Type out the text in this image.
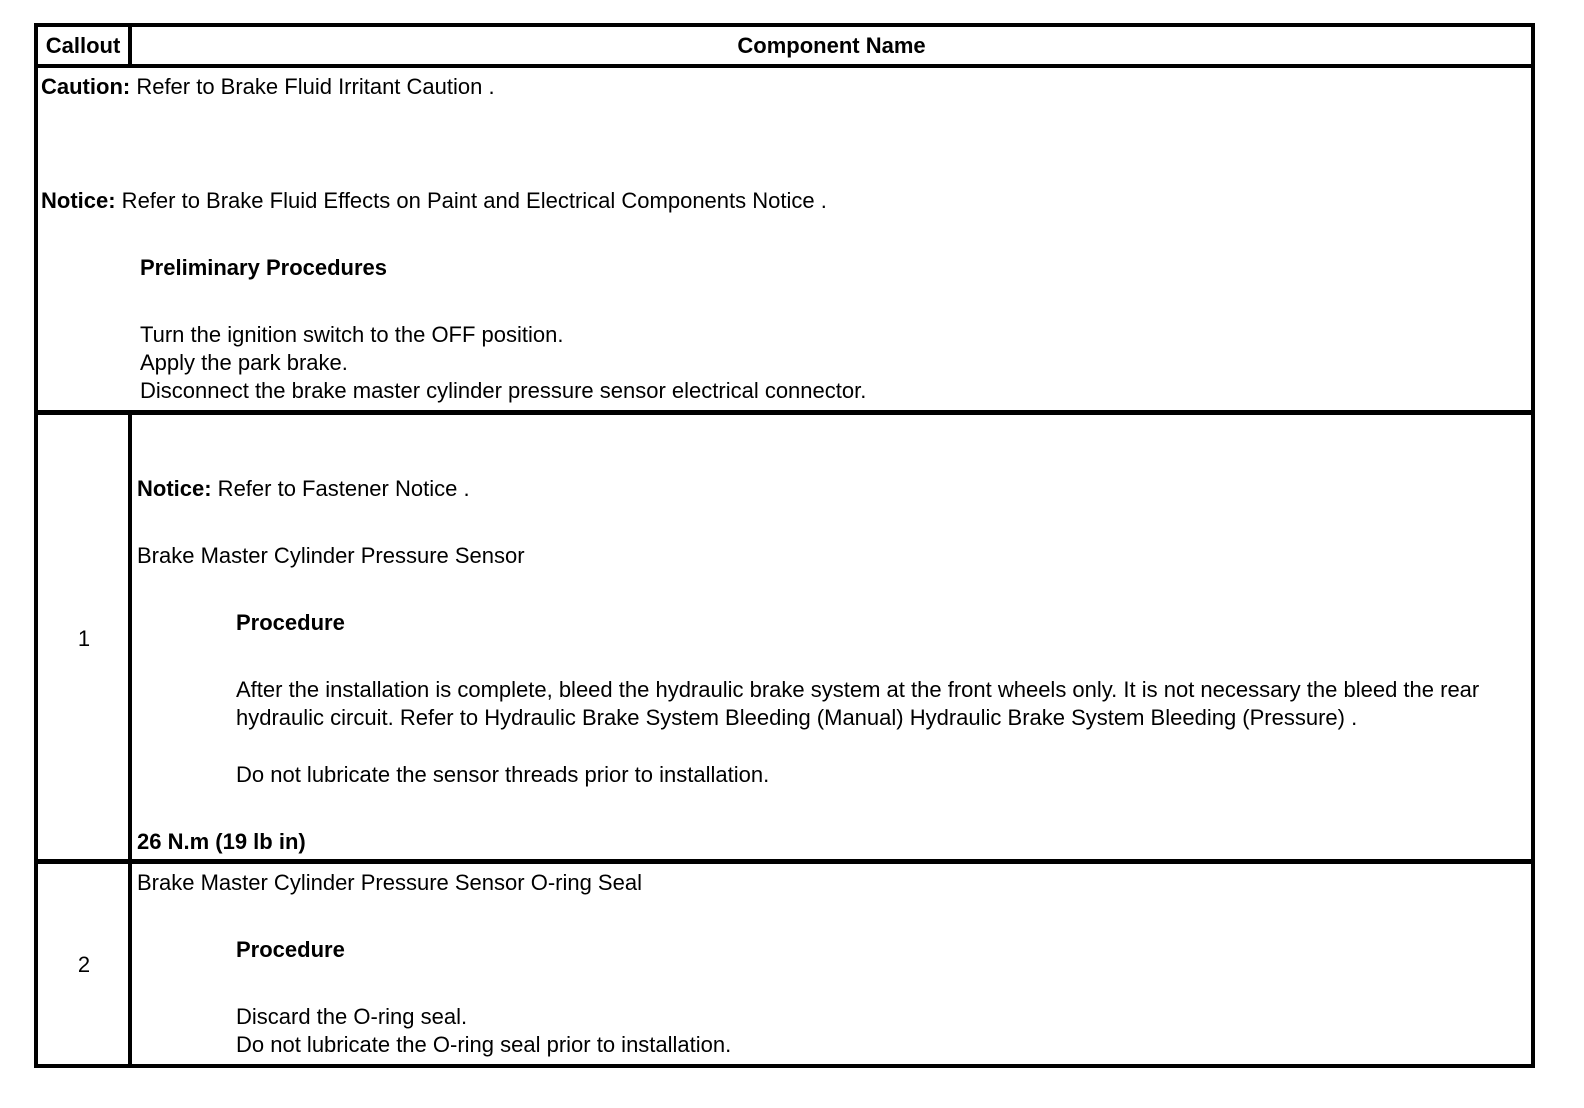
Callout	Component Name

Caution: Refer to Brake Fluid Irritant Caution .

Notice: Refer to Brake Fluid Effects on Paint and Electrical Components Notice .

Preliminary Procedures

Turn the ignition switch to the OFF position.

Apply the park brake.

Disconnect the brake master cylinder pressure sensor electrical connector.

1

Notice: Refer to Fastener Notice .

Brake Master Cylinder Pressure Sensor

Procedure

After the installation is complete, bleed the hydraulic brake system at the front wheels only. It is not necessary the bleed the rear hydraulic circuit. Refer to Hydraulic Brake System Bleeding (Manual) Hydraulic Brake System Bleeding (Pressure) .

Do not lubricate the sensor threads prior to installation.

26 N.m (19 lb in)

2

Brake Master Cylinder Pressure Sensor O-ring Seal

Procedure

Discard the O-ring seal.

Do not lubricate the O-ring seal prior to installation.
